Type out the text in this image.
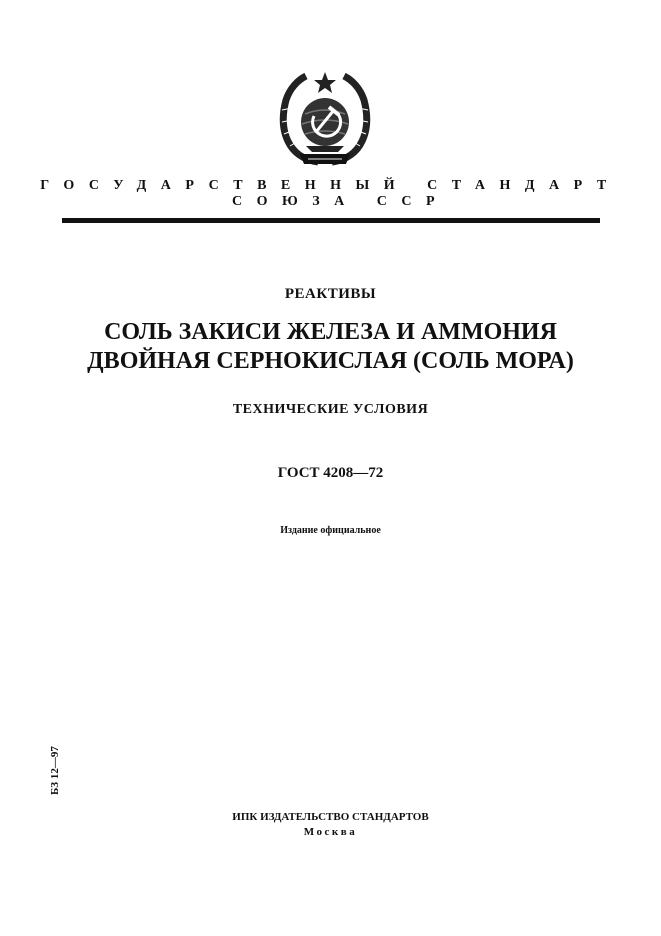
ГОСУДАРСТВЕННЫЙ СТАНДАРТ
СОЮЗА ССР
РЕАКТИВЫ
СОЛЬ ЗАКИСИ ЖЕЛЕЗА И АММОНИЯ
ДВОЙНАЯ СЕРНОКИСЛАЯ (СОЛЬ МОРА)
ТЕХНИЧЕСКИЕ УСЛОВИЯ
ГОСТ 4208—72
Издание официальное
БЗ 12—97
ИПК ИЗДАТЕЛЬСТВО СТАНДАРТОВ
Москва
